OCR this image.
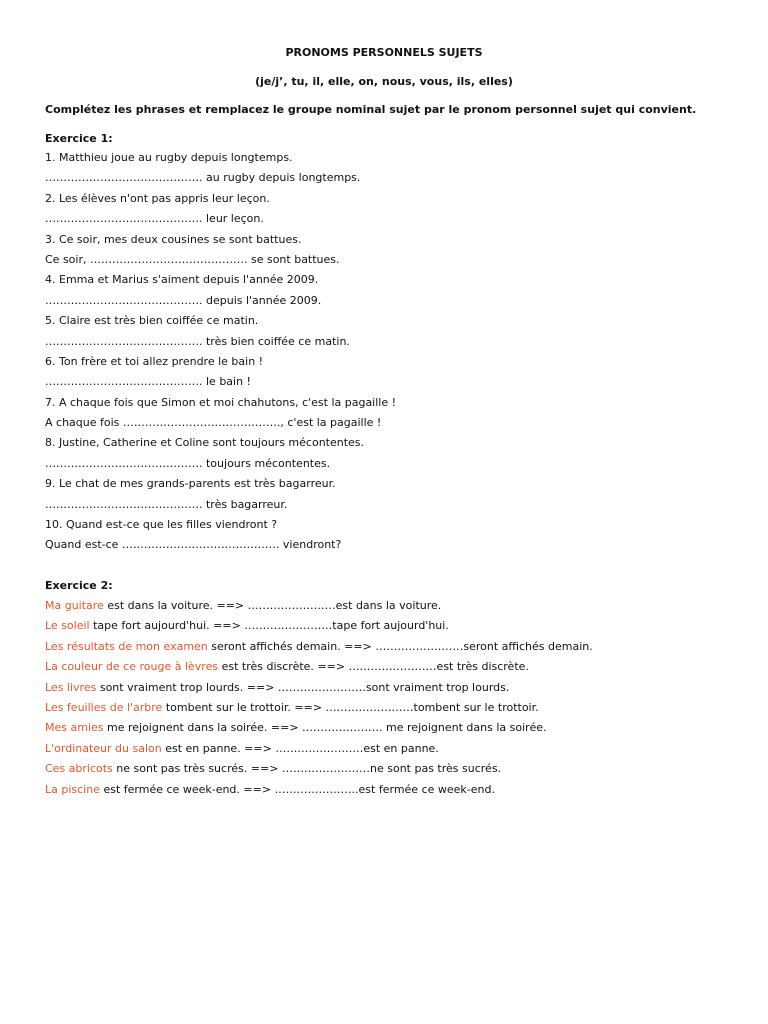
PRONOMS PERSONNELS SUJETS
(je/j’, tu, il, elle, on, nous, vous, ils, elles)
Complétez les phrases et remplacez le groupe nominal sujet par le pronom personnel sujet qui convient.
Exercice 1:
1. Matthieu joue au rugby depuis longtemps.
……………………………………. au rugby depuis longtemps.
2. Les élèves n'ont pas appris leur leçon.
……………………………………. leur leçon.
3. Ce soir, mes deux cousines se sont battues.
Ce soir, ……………………………………. se sont battues.
4. Emma et Marius s'aiment depuis l'année 2009.
……………………………………. depuis l'année 2009.
5. Claire est très bien coiffée ce matin.
……………………………………. très bien coiffée ce matin.
6. Ton frère et toi allez prendre le bain !
……………………………………. le bain !
7. A chaque fois que Simon et moi chahutons, c'est la pagaille !
A chaque fois ……………………………………., c'est la pagaille !
8. Justine, Catherine et Coline sont toujours mécontentes.
……………………………………. toujours mécontentes.
9. Le chat de mes grands-parents est très bagarreur.
……………………………………. très bagarreur.
10. Quand est-ce que les filles viendront ?
Quand est-ce ……………………………………. viendront?
Exercice 2:
Ma guitare est dans la voiture. ==> ……………………est dans la voiture.
Le soleil tape fort aujourd'hui. ==> ……………………tape fort aujourd'hui.
Les résultats de mon examen seront affichés demain. ==> ……………………seront affichés demain.
La couleur de ce rouge à lèvres est très discrète. ==> ……………………est très discrète.
Les livres sont vraiment trop lourds. ==> ……………………sont vraiment trop lourds.
Les feuilles de l'arbre tombent sur le trottoir. ==> ……………………tombent sur le trottoir.
Mes amies me rejoignent dans la soirée. ==> …………………. me rejoignent dans la soirée.
L'ordinateur du salon est en panne. ==> ……………………est en panne.
Ces abricots ne sont pas très sucrés. ==> ……………………ne sont pas très sucrés.
La piscine est fermée ce week-end. ==> …………………..est fermée ce week-end.
